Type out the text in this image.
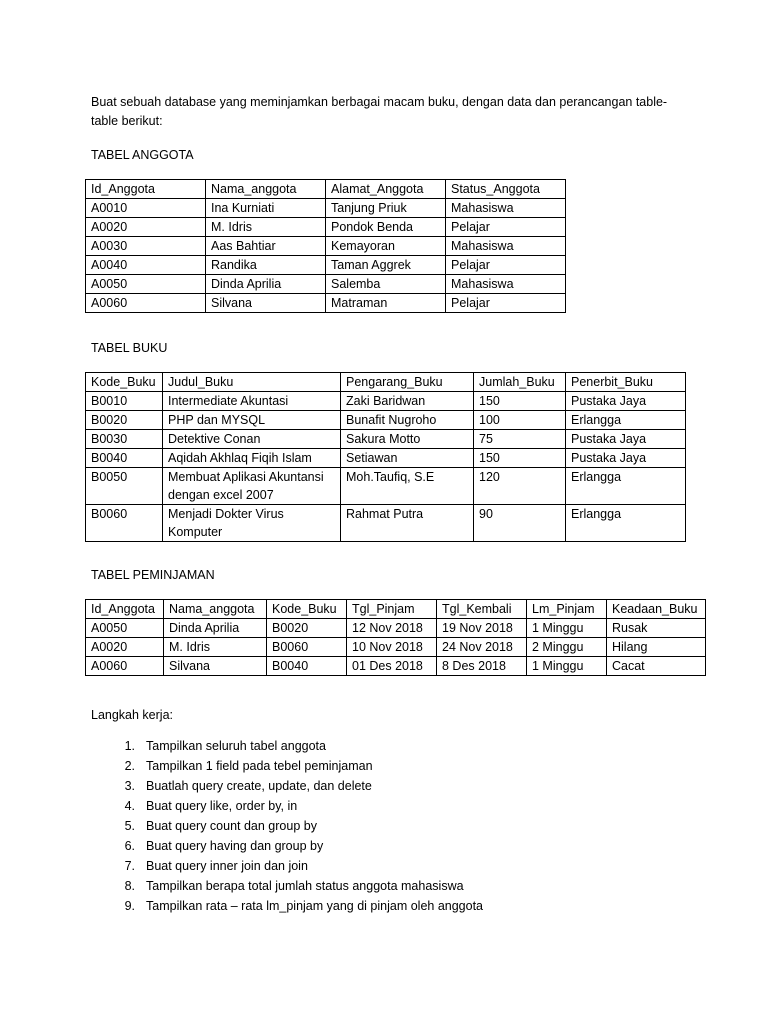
Buat sebuah database yang meminjamkan berbagai macam buku, dengan data dan perancangan table-table berikut:

TABEL ANGGOTA

Id_Anggota	Nama_anggota	Alamat_Anggota	Status_Anggota
A0010	Ina Kurniati	Tanjung Priuk	Mahasiswa
A0020	M. Idris	Pondok Benda	Pelajar
A0030	Aas Bahtiar	Kemayoran	Mahasiswa
A0040	Randika	Taman Aggrek	Pelajar
A0050	Dinda Aprilia	Salemba	Mahasiswa
A0060	Silvana	Matraman	Pelajar

TABEL BUKU

Kode_Buku	Judul_Buku	Pengarang_Buku	Jumlah_Buku	Penerbit_Buku
B0010	Intermediate Akuntasi	Zaki Baridwan	150	Pustaka Jaya
B0020	PHP dan MYSQL	Bunafit Nugroho	100	Erlangga
B0030	Detektive Conan	Sakura Motto	75	Pustaka Jaya
B0040	Aqidah Akhlaq Fiqih Islam	Setiawan	150	Pustaka Jaya
B0050	Membuat Aplikasi Akuntansi dengan excel 2007	Moh.Taufiq, S.E	120	Erlangga
B0060	Menjadi Dokter Virus Komputer	Rahmat Putra	90	Erlangga

TABEL PEMINJAMAN

Id_Anggota	Nama_anggota	Kode_Buku	Tgl_Pinjam	Tgl_Kembali	Lm_Pinjam	Keadaan_Buku
A0050	Dinda Aprilia	B0020	12 Nov 2018	19 Nov 2018	1 Minggu	Rusak
A0020	M. Idris	B0060	10 Nov 2018	24 Nov 2018	2 Minggu	Hilang
A0060	Silvana	B0040	01 Des 2018	8 Des 2018	1 Minggu	Cacat

Langkah kerja:

1. Tampilkan seluruh tabel anggota
2. Tampilkan 1 field pada tebel peminjaman
3. Buatlah query create, update, dan delete
4. Buat query like, order by, in
5. Buat query count dan group by
6. Buat query having dan group by
7. Buat query inner join dan join
8. Tampilkan berapa total jumlah status anggota mahasiswa
9. Tampilkan rata – rata lm_pinjam yang di pinjam oleh anggota
